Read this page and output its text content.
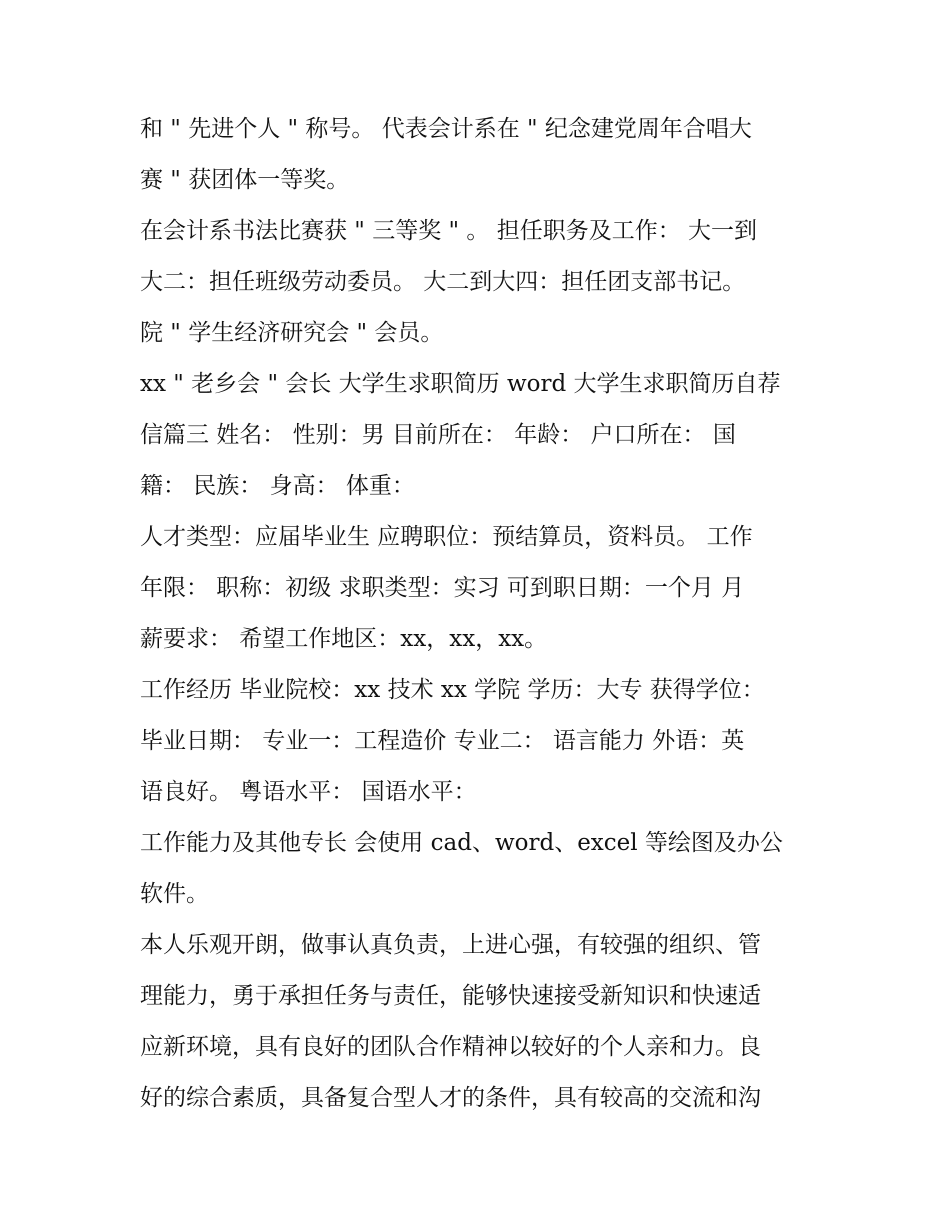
和 " 先进个人 " 称号。 代表会计系在 " 纪念建党周年合唱大
赛 " 获团体一等奖。
在会计系书法比赛获 " 三等奖 " 。 担任职务及工作： 大一到
大二：担任班级劳动委员。 大二到大四：担任团支部书记。
院 " 学生经济研究会 " 会员。
xx " 老乡会 " 会长 大学生求职简历 word 大学生求职简历自荐
信篇三 姓名： 性别：男 目前所在： 年龄： 户口所在： 国
籍： 民族： 身高： 体重：
人才类型：应届毕业生 应聘职位：预结算员，资料员。 工作
年限： 职称：初级 求职类型：实习 可到职日期：一个月 月
薪要求： 希望工作地区：xx，xx，xx。
工作经历 毕业院校：xx 技术 xx 学院 学历：大专 获得学位：
毕业日期： 专业一：工程造价 专业二： 语言能力 外语：英
语良好。 粤语水平： 国语水平：
工作能力及其他专长 会使用 cad、word、excel 等绘图及办公
软件。
本人乐观开朗，做事认真负责，上进心强，有较强的组织、管
理能力，勇于承担任务与责任，能够快速接受新知识和快速适
应新环境，具有良好的团队合作精神以较好的个人亲和力。良
好的综合素质，具备复合型人才的条件，具有较高的交流和沟
